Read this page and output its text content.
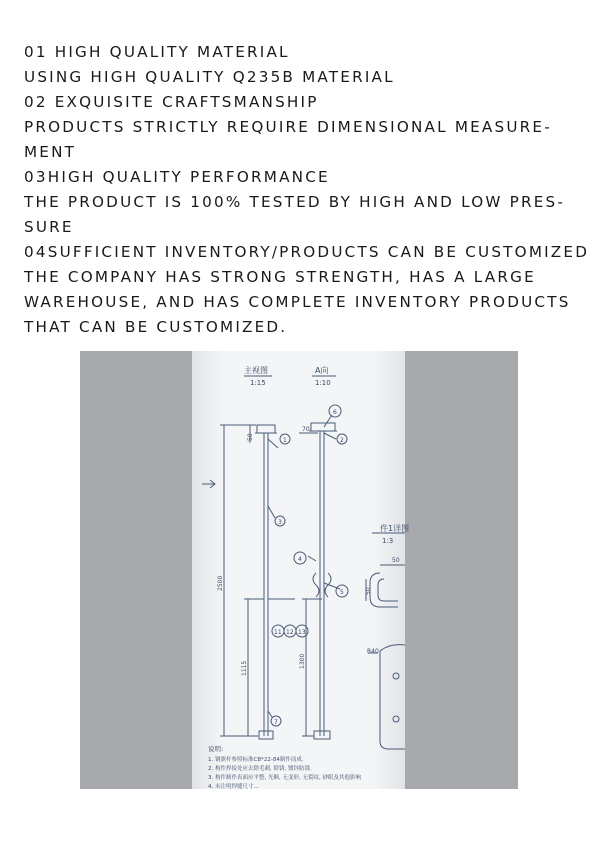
01 HIGH QUALITY MATERIAL

USING HIGH QUALITY Q235B MATERIAL

02 EXQUISITE CRAFTSMANSHIP

PRODUCTS STRICTLY REQUIRE DIMENSIONAL MEASURE-

MENT

03HIGH QUALITY PERFORMANCE

THE PRODUCT IS 100% TESTED BY HIGH AND LOW PRES-

SURE

04SUFFICIENT INVENTORY/PRODUCTS CAN BE CUSTOMIZED

THE COMPANY HAS STRONG STRENGTH, HAS A LARGE

WAREHOUSE, AND HAS COMPLETE INVENTORY PRODUCTS

THAT CAN BE CUSTOMIZED.

主视图
1:15
A向
1:10
件1详图
1:3
50
70
2500
1115	1300
50
50
R40
1	2
3
4
5
6
7
11 12 13
说明:
1. 钢旗杆参照标准CB*22-84制作而成.
2. 构件焊接处应去除毛刺, 除锈, 镀锌防锈.
3. 构件制作表面应平整, 光顺, 无变形, 无裂纹, 砂眼及其他影响
4. 未注明焊缝尺寸...
